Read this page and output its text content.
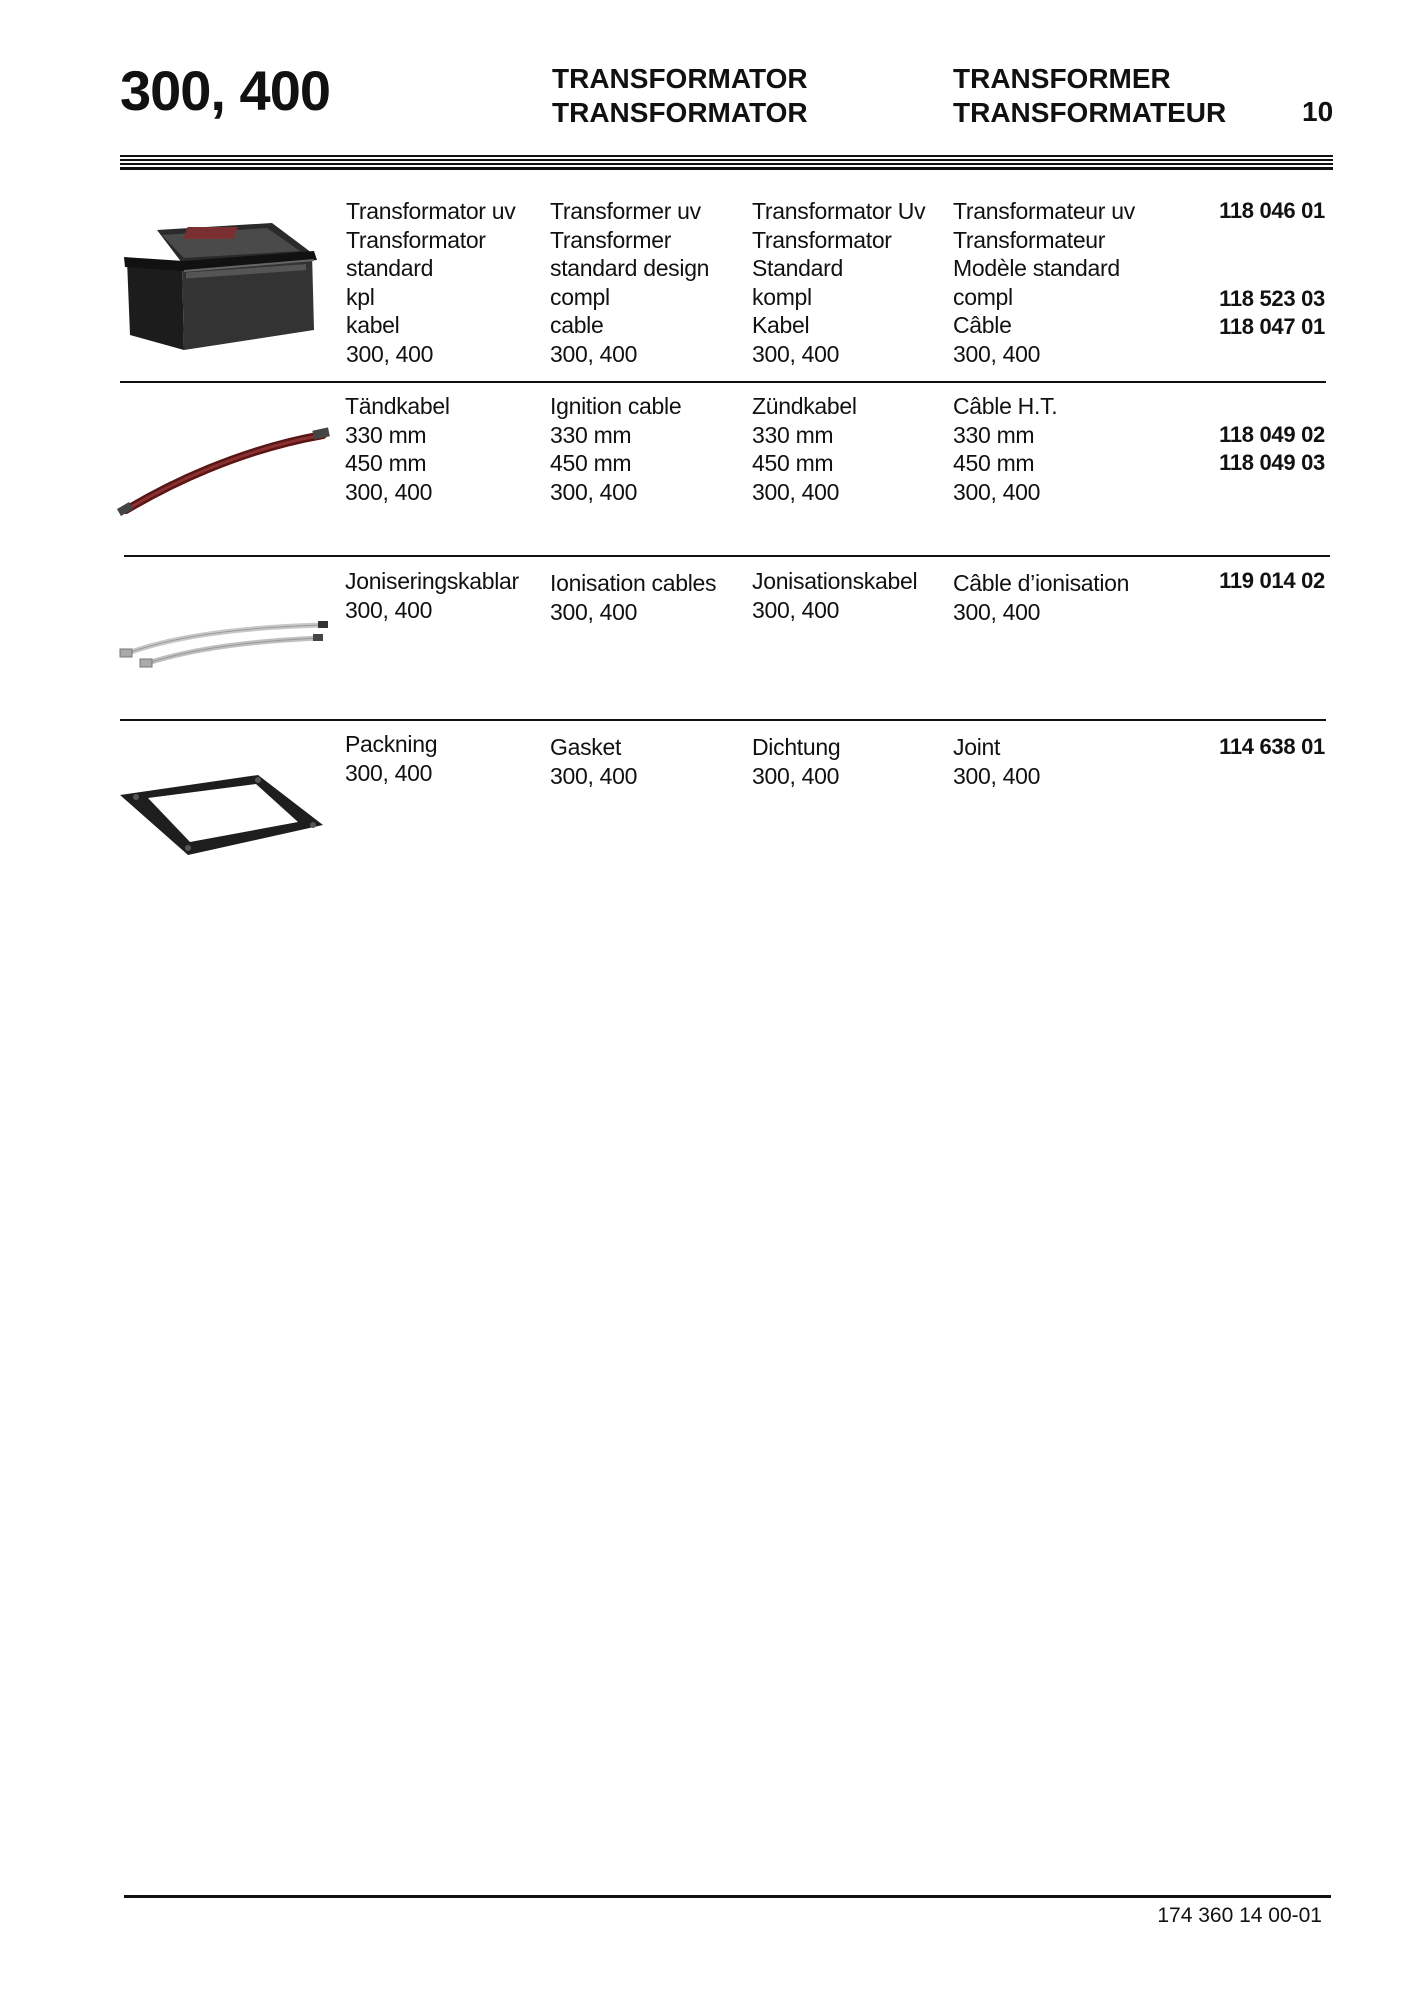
300, 400	TRANSFORMATOR
TRANSFORMATOR
TRANSFORMER
TRANSFORMATEUR	10
Transformator uv
Transformator
standard
kpl
kabel
300, 400
Transformer uv
Transformer
standard design
compl
cable
300, 400
Transformator Uv
Transformator
Standard
kompl
Kabel
300, 400
Transformateur uv
Transformateur
Modèle standard
compl
Câble
300, 400
118 046 01
118 523 03
118 047 01
Tändkabel
330 mm
450 mm
300, 400
Ignition cable
330 mm
450 mm
300, 400
Zündkabel
330 mm
450 mm
300, 400
Câble H.T.
330 mm
450 mm
300, 400
118 049 02
118 049 03
Joniseringskablar
300, 400
Ionisation cables
300, 400
Jonisationskabel
300, 400
Câble d’ionisation
300, 400
119 014 02
Packning
300, 400
Gasket
300, 400
Dichtung
300, 400
Joint
300, 400
114 638 01
174 360 14 00-01
